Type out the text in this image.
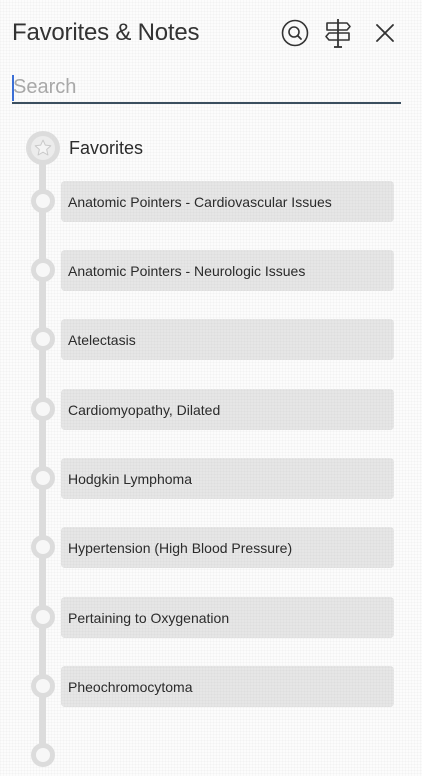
Favorites & Notes
Search
Favorites
Anatomic Pointers - Cardiovascular Issues
Anatomic Pointers - Neurologic Issues
Atelectasis
Cardiomyopathy, Dilated
Hodgkin Lymphoma
Hypertension (High Blood Pressure)
Pertaining to Oxygenation
Pheochromocytoma
